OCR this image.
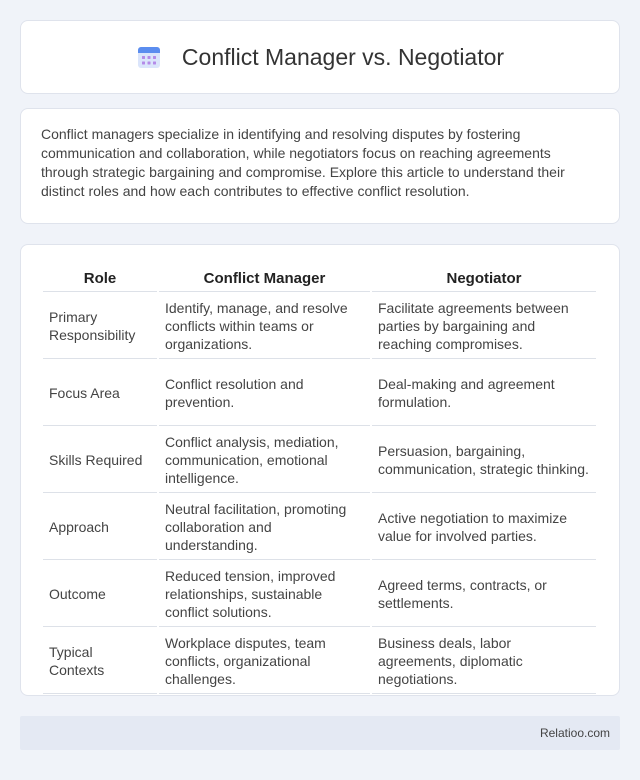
Conflict Manager vs. Negotiator

Conflict managers specialize in identifying and resolving disputes by fostering communication and collaboration, while negotiators focus on reaching agreements through strategic bargaining and compromise. Explore this article to understand their distinct roles and how each contributes to effective conflict resolution.

Role	Conflict Manager	Negotiator
Primary Responsibility	Identify, manage, and resolve conflicts within teams or organizations.	Facilitate agreements between parties by bargaining and reaching compromises.
Focus Area	Conflict resolution and prevention.	Deal-making and agreement formulation.
Skills Required	Conflict analysis, mediation, communication, emotional intelligence.	Persuasion, bargaining, communication, strategic thinking.
Approach	Neutral facilitation, promoting collaboration and understanding.	Active negotiation to maximize value for involved parties.
Outcome	Reduced tension, improved relationships, sustainable conflict solutions.	Agreed terms, contracts, or settlements.
Typical Contexts	Workplace disputes, team conflicts, organizational challenges.	Business deals, labor agreements, diplomatic negotiations.
Relatioo.com
